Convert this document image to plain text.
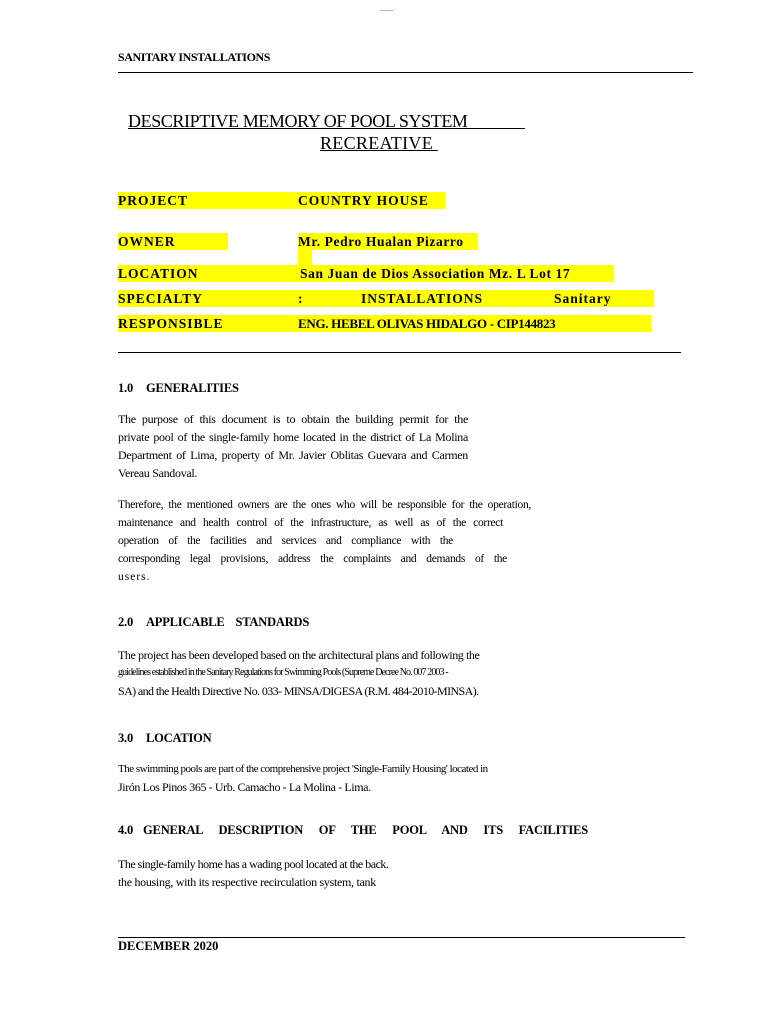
SANITARY INSTALLATIONS
DESCRIPTIVE MEMORY OF POOL SYSTEM
RECREATIVE
PROJECT	COUNTRY HOUSE
OWNER	Mr. Pedro Hualan Pizarro
LOCATION	San Juan de Dios Association Mz. L Lot 17
SPECIALTY	:	INSTALLATIONS	Sanitary
RESPONSIBLE	ENG. HEBEL OLIVAS HIDALGO - CIP144823
1.0 GENERALITIES
The purpose of this document is to obtain the building permit for the
private pool of the single-family home located in the district of La Molina
Department of Lima, property of Mr. Javier Oblitas Guevara and Carmen
Vereau Sandoval.
Therefore, the mentioned owners are the ones who will be responsible for the operation,
maintenance and health control of the infrastructure, as well as of the correct
operation of the facilities and services and compliance with the
corresponding legal provisions, address the complaints and demands of the
users.
2.0 APPLICABLE STANDARDS
The project has been developed based on the architectural plans and following the
guidelines established in the Sanitary Regulations for Swimming Pools (Supreme Decree No. 007 2003 -
SA) and the Health Directive No. 033- MINSA/DIGESA (R.M. 484-2010-MINSA).
3.0 LOCATION
The swimming pools are part of the comprehensive project 'Single-Family Housing' located in
Jirón Los Pinos 365 - Urb. Camacho - La Molina - Lima.
4.0 GENERAL DESCRIPTION OF THE POOL AND ITS FACILITIES
The single-family home has a wading pool located at the back.
the housing, with its respective recirculation system, tank
DECEMBER 2020
